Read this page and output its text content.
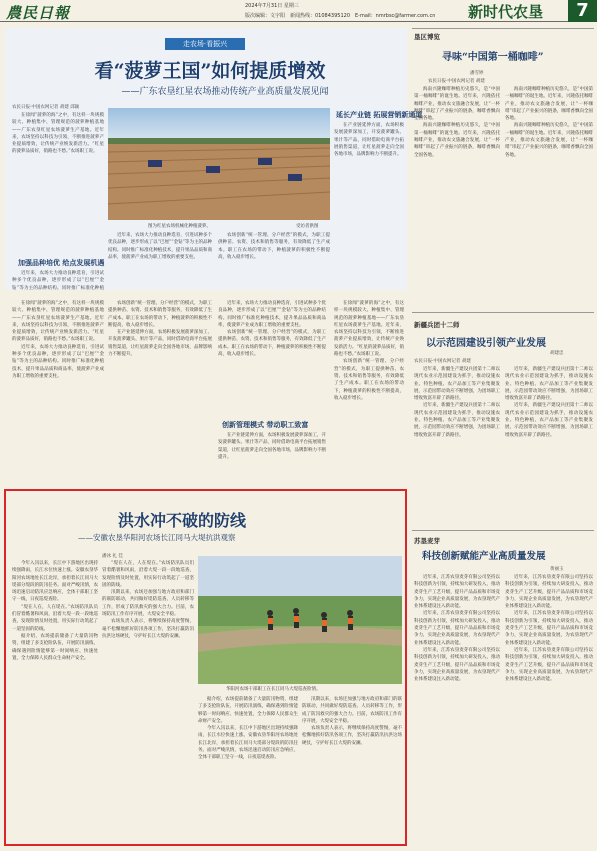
農民日報	2024年7月31日 星期三
版次编辑：文宇阳　新闻热线：01084395120　E-mail：nmrbsc@farmer.com.cn 新时代农垦	7
走农场·看振兴
看“菠萝王国”如何提质增效
——广东农垦红星农场推动传统产业高质量发展见闻
农民日报·中国农网记者 胡建 邱颖

在徐闻“菠萝的海”之中，有这样一块规模较大、种植集中、管理规范的菠萝种植基地——广东农垦红星农场菠萝生产基地。近年来，农场坚持以科技为引领，不断推进菠萝产业提质增效，让传统产业焕发新活力。“红星的菠萝品质好，销路也不愁。”农场职工说。

加强品种培优 给点发展机遇

近年来，农场大力推动良种选育，引进试种多个优良品种，逐步形成了以“巴厘”“金钻”等为主的品种结构。同时推广标准化种植

图为红星农场机械化种植菠萝。	受访者供图

近年来，农场大力推动良种选育，引进试种多个优良品种，逐步形成了以“巴厘”“金钻”等为主的品种结构。同时推广标准化种植技术，提升果品品质和商品率，使菠萝产业成为职工增收的重要支柱。

农场创新“统一管理、分户经营”的模式，为职工提供种苗、农资、技术和销售等服务，有效降低了生产成本。职工在农场的带动下，种植菠萝的积极性不断提高，收入稳步增长。

延长产业链 拓展营销新通道

在产业链延伸方面，农场积极发展菠萝深加工，开发菠萝罐头、果汁等产品，同时借助电商平台拓展销售渠道，让红星菠萝走向全国各地市场，品牌影响力不断提升。

在徐闻“菠萝的海”之中，有这样一块规模较大、种植集中、管理规范的菠萝种植基地——广东农垦红星农场菠萝生产基地。近年来，农场坚持以科技为引领，不断推进菠萝产业提质增效，让传统产业焕发新活力。“红星的菠萝品质好，销路也不愁。”农场职工说。

近年来，农场大力推动良种选育，引进试种多个优良品种，逐步形成了以“巴厘”“金钻”等为主的品种结构。同时推广标准化种植技术，提升果品品质和商品率，使菠萝产业成为职工增收的重要支柱。

农场创新“统一管理、分户经营”的模式，为职工提供种苗、农资、技术和销售等服务，有效降低了生产成本。职工在农场的带动下，种植菠萝的积极性不断提高，收入稳步增长。

在产业链延伸方面，农场积极发展菠萝深加工，开发菠萝罐头、果汁等产品，同时借助电商平台拓展销售渠道，让红星菠萝走向全国各地市场，品牌影响力不断提升。

创新管理模式 带动职工致富

近年来，农场大力推动良种选育，引进试种多个优良品种，逐步形成了以“巴厘”“金钻”等为主的品种结构。同时推广标准化种植技术，提升果品品质和商品率，使菠萝产业成为职工增收的重要支柱。

农场创新“统一管理、分户经营”的模式，为职工提供种苗、农资、技术和销售等服务，有效降低了生产成本。职工在农场的带动下，种植菠萝的积极性不断提高，收入稳步增长。

在产业链延伸方面，农场积极发展菠萝深加工，开发菠萝罐头、果汁等产品，同时借助电商平台拓展销售渠道，让红星菠萝走向全国各地市场，品牌影响力不断提升。

在徐闻“菠萝的海”之中，有这样一块规模较大、种植集中、管理规范的菠萝种植基地——广东农垦红星农场菠萝生产基地。近年来，农场坚持以科技为引领，不断推进菠萝产业提质增效，让传统产业焕发新活力。“红星的菠萝品质好，销路也不愁。”农场职工说。

农场创新“统一管理、分户经营”的模式，为职工提供种苗、农资、技术和销售等服务，有效降低了生产成本。职工在农场的带动下，种植菠萝的积极性不断提高，收入稳步增长。

垦区博览
寻味“中国第一桶咖啡”
潘雪婷
农民日报·中国农网记者 胡建

海南兴隆咖啡种植历史悠久，是“中国第一桶咖啡”的诞生地。近年来，兴隆依托咖啡产业，推动农文旅融合发展，让“一杯咖啡”串起了产业振兴的链条，咖啡香飘向全国各地。

海南兴隆咖啡种植历史悠久，是“中国第一桶咖啡”的诞生地。近年来，兴隆依托咖啡产业，推动农文旅融合发展，让“一杯咖啡”串起了产业振兴的链条，咖啡香飘向全国各地。

海南兴隆咖啡种植历史悠久，是“中国第一桶咖啡”的诞生地。近年来，兴隆依托咖啡产业，推动农文旅融合发展，让“一杯咖啡”串起了产业振兴的链条，咖啡香飘向全国各地。

海南兴隆咖啡种植历史悠久，是“中国第一桶咖啡”的诞生地。近年来，兴隆依托咖啡产业，推动农文旅融合发展，让“一杯咖啡”串起了产业振兴的链条，咖啡香飘向全国各地。

新疆兵团十二师
以示范园建设引领产业发展
胡建忠
农民日报·中国农网记者 胡建

近年来，新疆生产建设兵团第十二师以现代农业示范园建设为抓手，推动设施农业、特色种植、农产品加工等产业集聚发展，示范园带动效应不断增强，为团场职工增收致富开辟了新路径。

近年来，新疆生产建设兵团第十二师以现代农业示范园建设为抓手，推动设施农业、特色种植、农产品加工等产业集聚发展，示范园带动效应不断增强，为团场职工增收致富开辟了新路径。

近年来，新疆生产建设兵团第十二师以现代农业示范园建设为抓手，推动设施农业、特色种植、农产品加工等产业集聚发展，示范园带动效应不断增强，为团场职工增收致富开辟了新路径。

近年来，新疆生产建设兵团第十二师以现代农业示范园建设为抓手，推动设施农业、特色种植、农产品加工等产业集聚发展，示范园带动效应不断增强，为团场职工增收致富开辟了新路径。

苏垦麦芽
科技创新赋能产业高质量发展
黄丽玉

近年来，江苏农垦麦芽有限公司坚持以科技创新为引领，持续加大研发投入，推动麦芽生产工艺升级，提升产品品质和市场竞争力，实现企业高质量发展，为农垦现代产业体系建设注入新动能。

近年来，江苏农垦麦芽有限公司坚持以科技创新为引领，持续加大研发投入，推动麦芽生产工艺升级，提升产品品质和市场竞争力，实现企业高质量发展，为农垦现代产业体系建设注入新动能。

近年来，江苏农垦麦芽有限公司坚持以科技创新为引领，持续加大研发投入，推动麦芽生产工艺升级，提升产品品质和市场竞争力，实现企业高质量发展，为农垦现代产业体系建设注入新动能。

近年来，江苏农垦麦芽有限公司坚持以科技创新为引领，持续加大研发投入，推动麦芽生产工艺升级，提升产品品质和市场竞争力，实现企业高质量发展，为农垦现代产业体系建设注入新动能。

近年来，江苏农垦麦芽有限公司坚持以科技创新为引领，持续加大研发投入，推动麦芽生产工艺升级，提升产品品质和市场竞争力，实现企业高质量发展，为农垦现代产业体系建设注入新动能。

近年来，江苏农垦麦芽有限公司坚持以科技创新为引领，持续加大研发投入，推动麦芽生产工艺升级，提升产品品质和市场竞争力，实现企业高质量发展，为农垦现代产业体系建设注入新动能。

洪水冲不破的防线
——安徽农垦华阳河农场长江同马大堤抗洪观察
潘冰 礼 佳

今年入汛以来，长江中下游地区出现持续强降雨，长江水位快速上涨。安徽农垦华阳河农场地处长江北岸，承担着长江同马大堤部分堤段的防汛任务。面对严峻汛情，农场迅速启动防汛应急响应，全体干部职工坚守一线，日夜巡堤查险。

“堤在人在，人在堤在。”农场防汛队员们冒着酷暑和风雨，沿着大堤一段一段地巡查，发现险情及时处置，用实际行动筑起了一道坚固的防线。

据介绍，农场提前储备了大量防汛物资，组建了多支抢险队伍，开展防汛演练，确保遇到险情能够第一时间响应、快速处置，全力保障人民群众生命财产安全。

“堤在人在，人在堤在。”农场防汛队员们冒着酷暑和风雨，沿着大堤一段一段地巡查，发现险情及时处置，用实际行动筑起了一道坚固的防线。

汛期以来，农场还加强与地方政府和部门的联防联动，共同做好堤防巡查、人员转移等工作，形成了防汛救灾的强大合力。目前，农场防汛工作有序开展，大堤安全平稳。

农场负责人表示，将继续保持高度警惕，毫不松懈地抓好防汛各项工作，坚决打赢防汛抗洪这场硬仗，守护好长江大堤的安澜。

华阳河农场干部职工在长江同马大堤巡查险情。

据介绍，农场提前储备了大量防汛物资，组建了多支抢险队伍，开展防汛演练，确保遇到险情能够第一时间响应、快速处置，全力保障人民群众生命财产安全。

今年入汛以来，长江中下游地区出现持续强降雨，长江水位快速上涨。安徽农垦华阳河农场地处长江北岸，承担着长江同马大堤部分堤段的防汛任务。面对严峻汛情，农场迅速启动防汛应急响应，全体干部职工坚守一线，日夜巡堤查险。

汛期以来，农场还加强与地方政府和部门的联防联动，共同做好堤防巡查、人员转移等工作，形成了防汛救灾的强大合力。目前，农场防汛工作有序开展，大堤安全平稳。

农场负责人表示，将继续保持高度警惕，毫不松懈地抓好防汛各项工作，坚决打赢防汛抗洪这场硬仗，守护好长江大堤的安澜。
